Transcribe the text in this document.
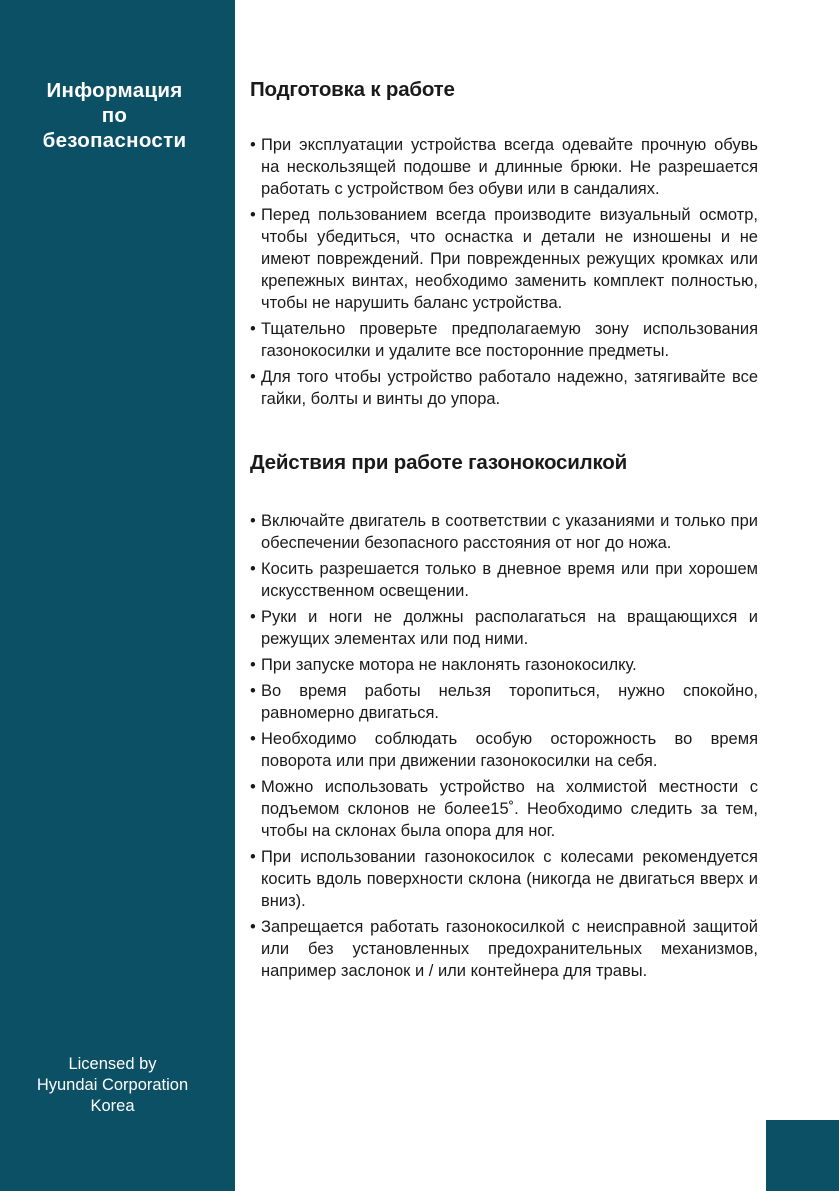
Информация
по
безопасности
Licensed by
Hyundai Corporation
Korea
Подготовка к работе
• При эксплуатации устройства всегда одевайте прочную обувь на нескользящей подошве и длинные брюки. Не разрешается работать с устройством без обуви или в сандалиях.
• Перед пользованием всегда производите визуальный осмотр, чтобы убедиться, что оснастка и детали не изношены и не имеют повреждений. При поврежденных режущих кромках или крепежных винтах, необходимо заменить комплект полностью, чтобы не нарушить баланс устройства.
• Тщательно проверьте предполагаемую зону использования газонокосилки и удалите все посторонние предметы.
• Для того чтобы устройство работало надежно, затягивайте все гайки, болты и винты до упора.
Действия при работе газонокосилкой
• Включайте двигатель в соответствии с указаниями и только при обеспечении безопасного расстояния от ног до ножа.
• Косить разрешается только в дневное время или при хорошем искусственном освещении.
• Руки и ноги не должны располагаться на вращающихся и режущих элементах или под ними.
• При запуске мотора не наклонять газонокосилку.
• Во время работы нельзя торопиться, нужно спокойно, равномерно двигаться.
• Необходимо соблюдать особую осторожность во время поворота или при движении газонокосилки на себя.
• Можно использовать устройство на холмистой местности с подъемом склонов не более15˚. Необходимо следить за тем, чтобы на склонах была опора для ног.
• При использовании газонокосилок с колесами рекомендуется косить вдоль поверхности склона (никогда не двигаться вверх и вниз).
• Запрещается работать газонокосилкой с неисправной защитой или без установленных предохранительных механизмов, например заслонок и / или контейнера для травы.
